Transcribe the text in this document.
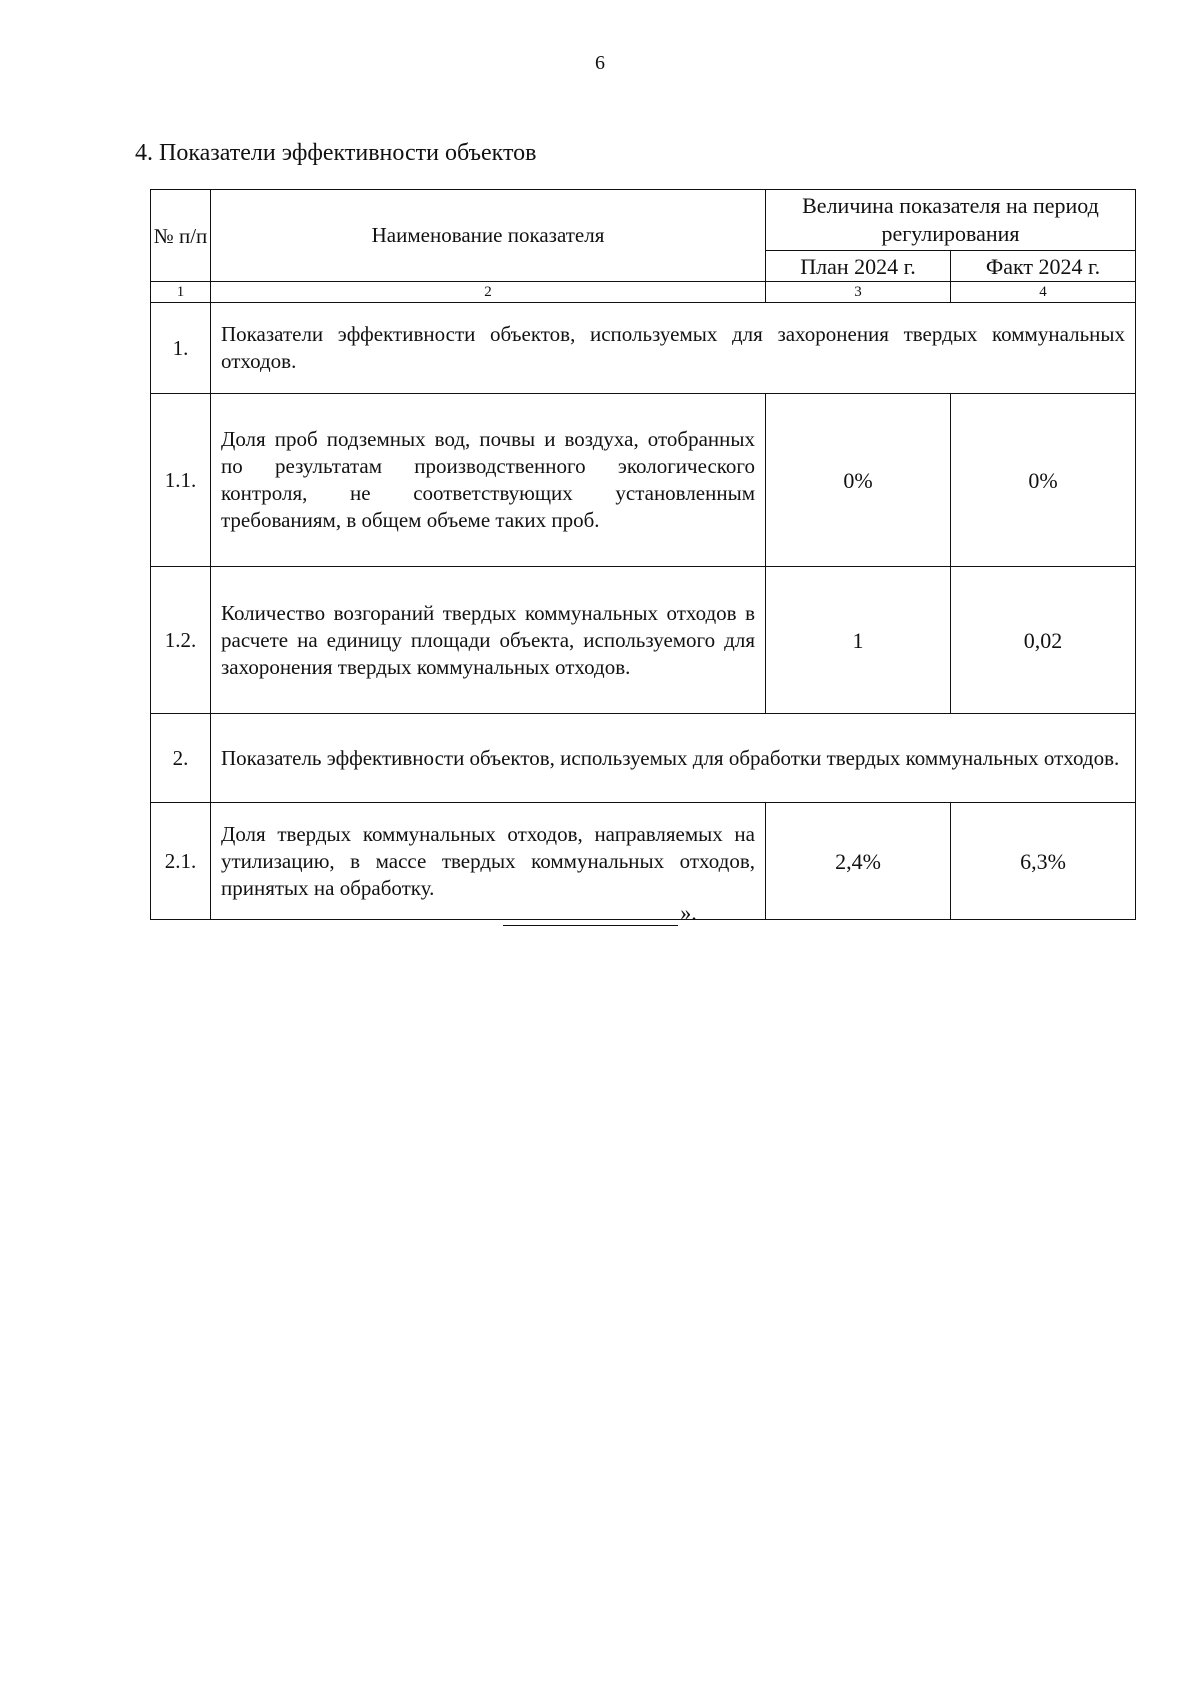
6
4. Показатели эффективности объектов
№ п/п	Наименование показателя	Величина показателя на период регулирования	
		План 2024 г.	Факт 2024 г.
1	2	3	4
1.	Показатели эффективности объектов, используемых для захоронения твердых коммунальных отходов.		
1.1.	Доля проб подземных вод, почвы и воздуха, отобранных по результатам производственного экологического контроля, не соответствующих установленным требованиям, в общем объеме таких проб.	0%	0%
1.2.	Количество возгораний твердых коммунальных отходов в расчете на единицу площади объекта, используемого для захоронения твердых коммунальных отходов.	1	0,02
2.	Показатель эффективности объектов, используемых для обработки твердых коммунальных отходов.		
2.1.	Доля твердых коммунальных отходов, направляемых на утилизацию, в массе твердых коммунальных отходов, принятых на обработку.	2,4%	6,3%
».
